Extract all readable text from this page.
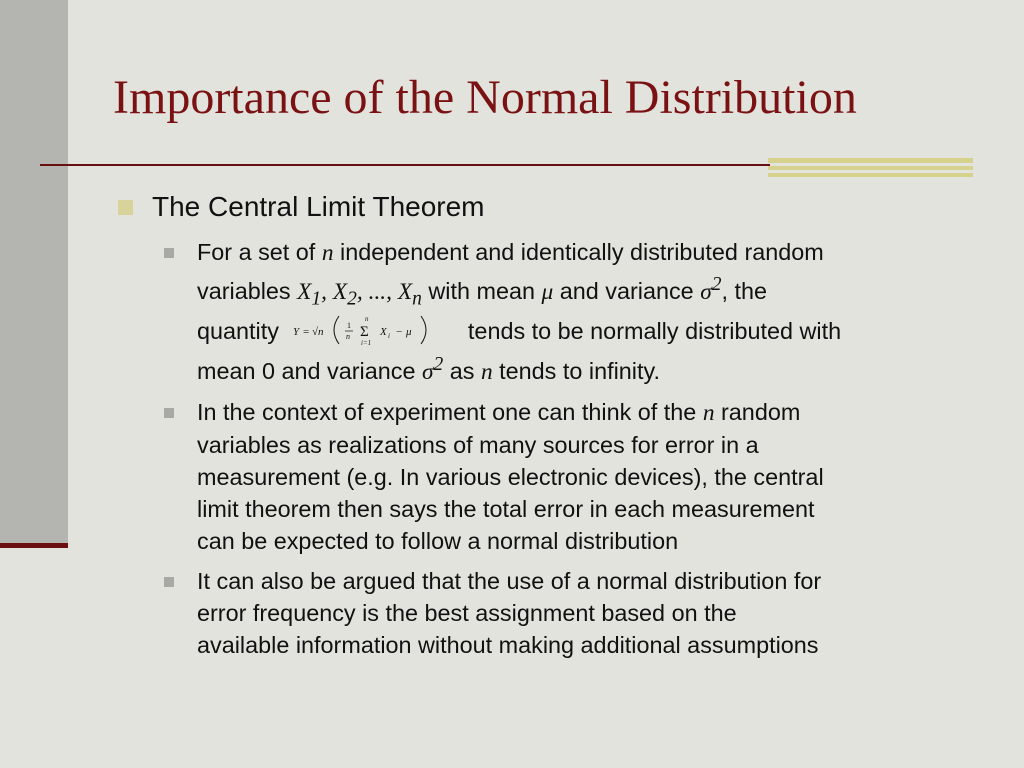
Importance of the Normal Distribution
The Central Limit Theorem
For a set of n independent and identically distributed random
variables $X_1$, $X_2$, ..., $X_n$ with mean μ and variance $\sigma^2$, the
quantity Y = √n
1
n
n
Σ
i=1
X i − μ tends to be normally distributed with
mean 0 and variance $\sigma^2$ as n tends to infinity.
In the context of experiment one can think of the n random
variables as realizations of many sources for error in a
measurement (e.g. In various electronic devices), the central
limit theorem then says the total error in each measurement
can be expected to follow a normal distribution
It can also be argued that the use of a normal distribution for
error frequency is the best assignment based on the
available information without making additional assumptions
